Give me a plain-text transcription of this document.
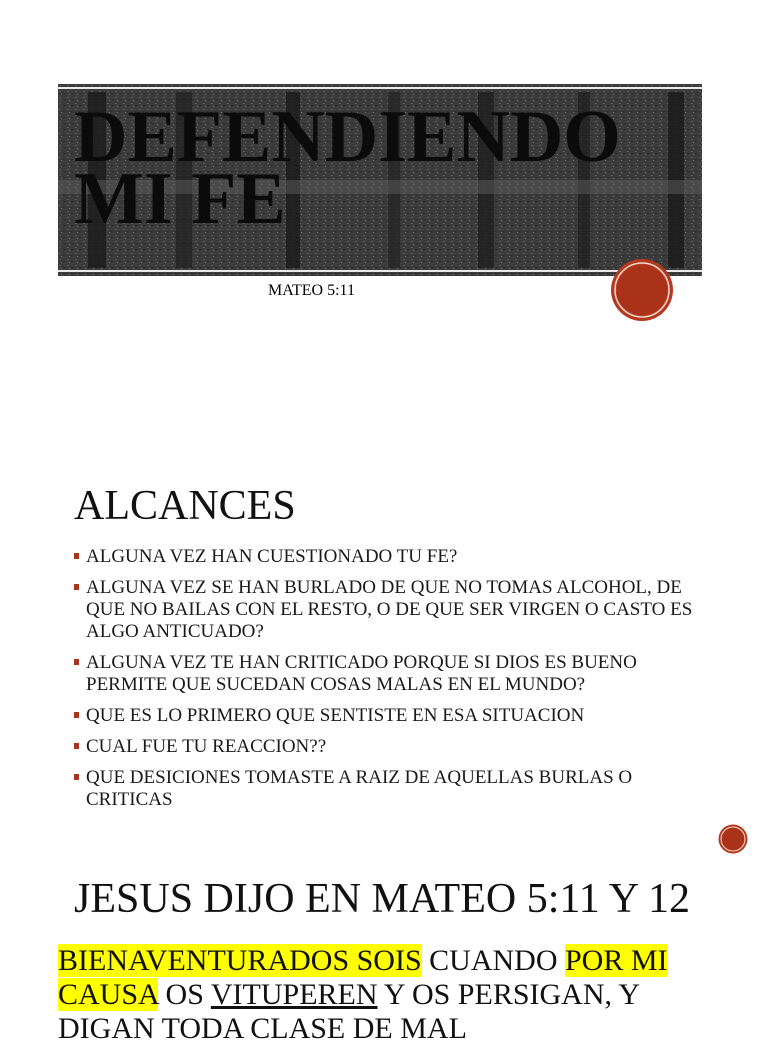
DEFENDIENDO MI FE

MATEO 5:11

ALCANCES
ALGUNA VEZ HAN CUESTIONADO TU FE?
ALGUNA VEZ SE HAN BURLADO DE QUE NO TOMAS ALCOHOL, DE QUE NO BAILAS CON EL RESTO, O DE QUE SER VIRGEN O CASTO ES ALGO ANTICUADO?
ALGUNA VEZ TE HAN CRITICADO PORQUE SI DIOS ES BUENO PERMITE QUE SUCEDAN COSAS MALAS EN EL MUNDO?
QUE ES LO PRIMERO QUE SENTISTE EN ESA SITUACION
CUAL FUE TU REACCION??
QUE DESICIONES TOMASTE A RAIZ DE AQUELLAS BURLAS O CRITICAS
JESUS DIJO EN MATEO 5:11 Y 12

BIENAVENTURADOS SOIS CUANDO POR MI CAUSA OS VITUPEREN Y OS PERSIGAN, Y DIGAN TODA CLASE DE MAL
